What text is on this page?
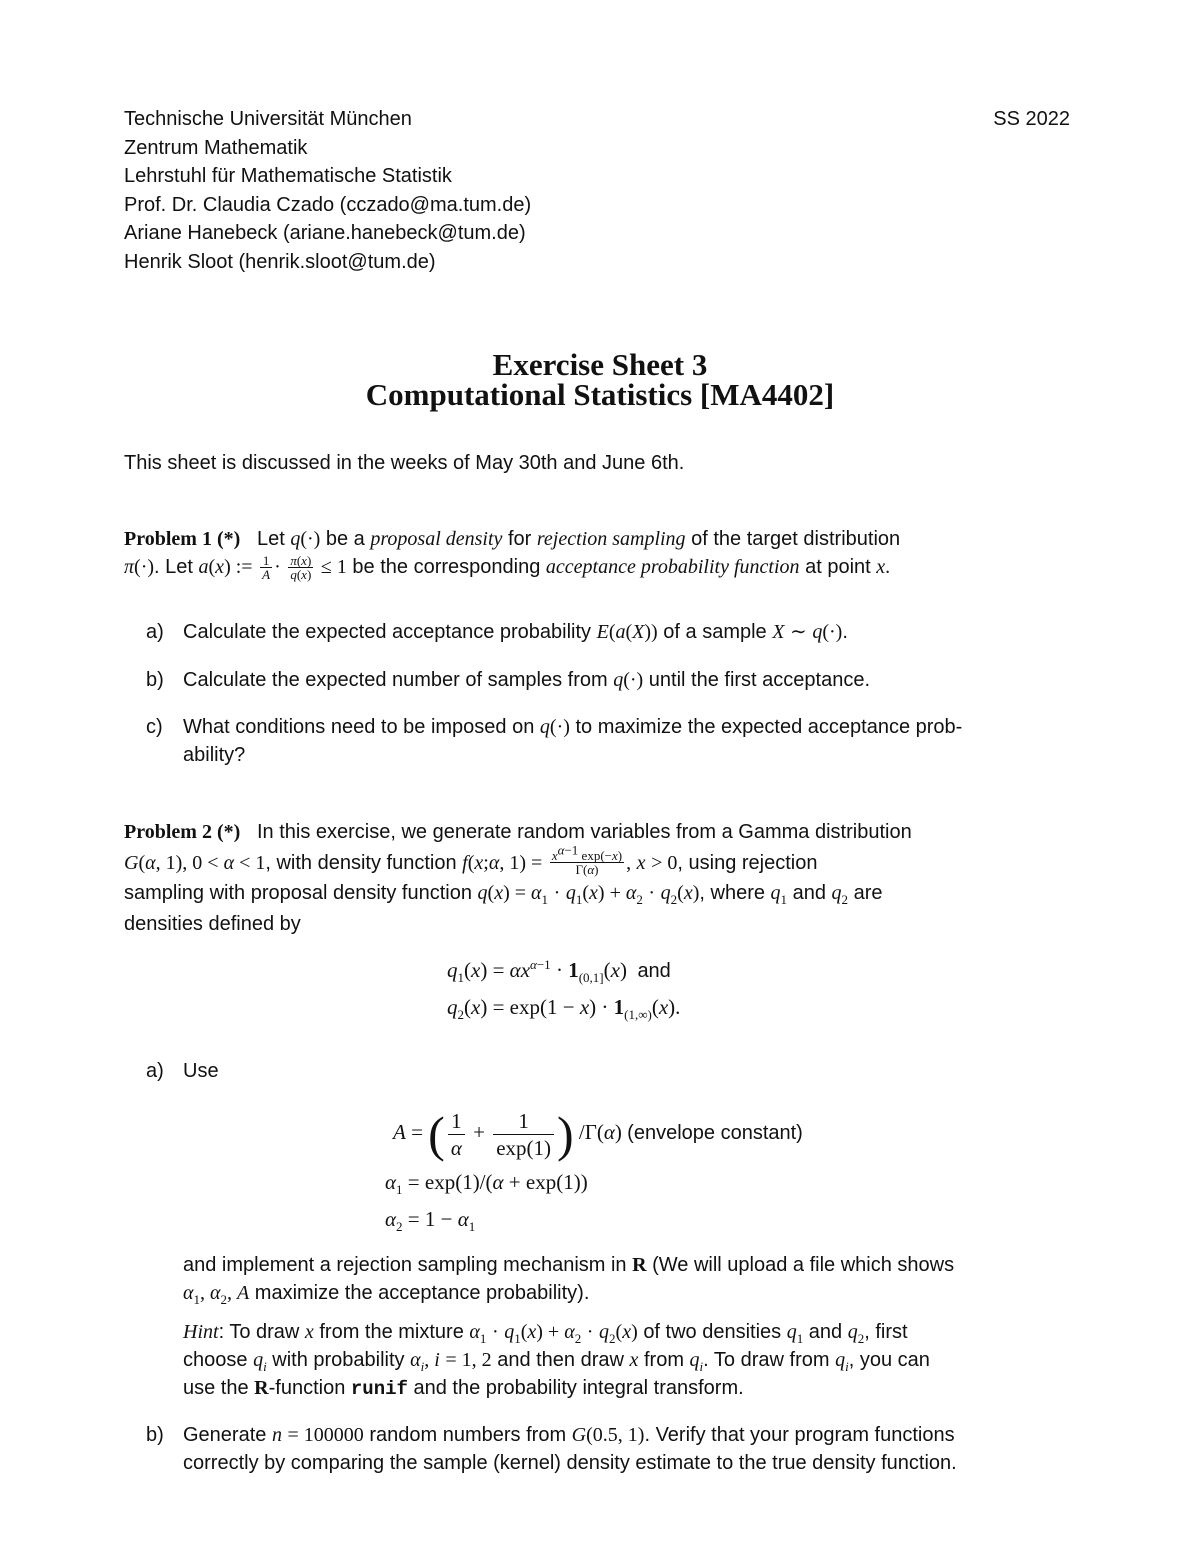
Technische Universität München
Zentrum Mathematik
Lehrstuhl für Mathematische Statistik
Prof. Dr. Claudia Czado (cczado@ma.tum.de)
Ariane Hanebeck (ariane.hanebeck@tum.de)
Henrik Sloot (henrik.sloot@tum.de)
SS 2022
Exercise Sheet 3
Computational Statistics [MA4402]
This sheet is discussed in the weeks of May 30th and June 6th.
Problem 1 (*) Let q(·) be a proposal density for rejection sampling of the target distribution
π(·). Let a(x) := $\frac{1}{A} \cdot \frac{\pi(x)}{q(x)} \le 1$ be the corresponding acceptance probability function at point x.
a) Calculate the expected acceptance probability E(a(X)) of a sample X ∼ q(·).
b) Calculate the expected number of samples from q(·) until the first acceptance.
c) What conditions need to be imposed on q(·) to maximize the expected acceptance prob-
ability?
Problem 2 (*) In this exercise, we generate random variables from a Gamma distribution
G(α, 1), 0 < α < 1, with density function f(x;α, $1) = \frac{x^{\alpha-1} \exp(-x)}{\Gamma(\alpha)}$ , x > 0, using rejection
sampling with proposal density function $q(x) = \alpha_1 \cdot q_1(x) + \alpha_2 \cdot q_2(x)$, where $q_1$ and $q_2$ are
densities defined by
$q_1(x) = \alpha x^{\alpha-1} \cdot 1_{(0,1]}(x)$  and
$q_2(x) = \exp(1 - x) \cdot 1_{(1,\infty)}(x)$.
a) Use
A = ( $\frac{1}{\alpha} + \frac{1}{\exp(1)}$ ) /Γ(α) (envelope constant)
$\alpha_1 = \exp(1)/(\alpha + \exp(1))$
$\alpha_2 = 1 - \alpha_1$
and implement a rejection sampling mechanism in R (We will upload a file which shows
$\alpha_1$, $\alpha_2$, A maximize the acceptance probability).
Hint: To draw x from the mixture $\alpha_1 \cdot q_1(x) + \alpha_2 \cdot q_2(x)$ of two densities $q_1$ and $q_2$, first
choose $q_i$ with probability $\alpha_i$, i = 1, 2 and then draw x from $q_i$. To draw from $q_i$, you can
use the R-function runif and the probability integral transform.
b) Generate n = 100000 random numbers from G(0.5, 1). Verify that your program functions
correctly by comparing the sample (kernel) density estimate to the true density function.
